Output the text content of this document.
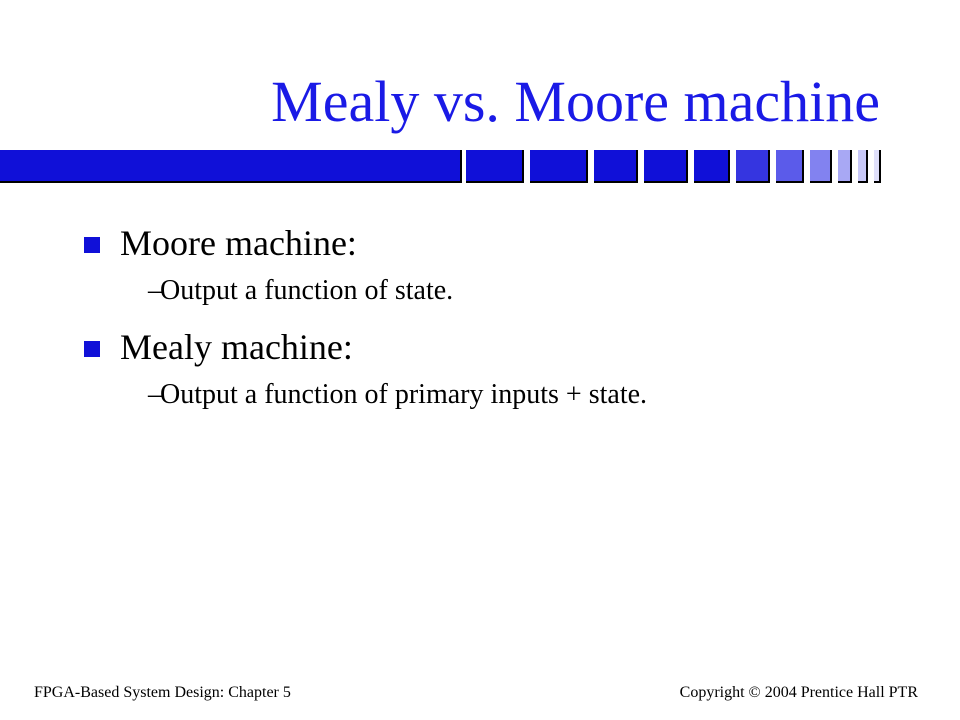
Mealy vs. Moore machine
Moore machine:
–
Output a function of state.
Mealy machine:
–
Output a function of primary inputs + state.
FPGA-Based System Design: Chapter 5	Copyright © 2004 Prentice Hall PTR
